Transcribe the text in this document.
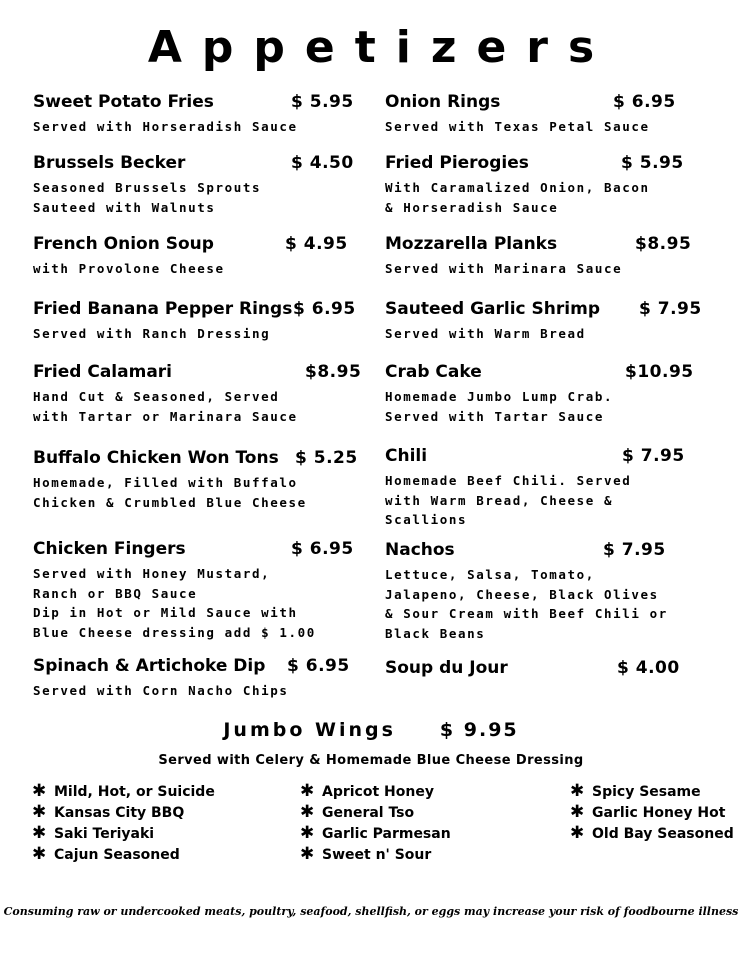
Appetizers
Sweet Potato Fries	$ 5.95
Served with Horseradish Sauce
Brussels Becker	$ 4.50
Seasoned Brussels Sprouts
Sauteed with Walnuts
French Onion Soup	$ 4.95
with Provolone Cheese
Fried Banana Pepper Rings $ 6.95
Served with Ranch Dressing
Fried Calamari	$8.95
Hand Cut & Seasoned, Served
with Tartar or Marinara Sauce
Buffalo Chicken Won Tons $ 5.25
Homemade, Filled with Buffalo
Chicken & Crumbled Blue Cheese
Chicken Fingers	$ 6.95
Served with Honey Mustard,
Ranch or BBQ Sauce
Dip in Hot or Mild Sauce with
Blue Cheese dressing add $ 1.00
Spinach & Artichoke Dip $ 6.95
Served with Corn Nacho Chips
Onion Rings	$ 6.95
Served with Texas Petal Sauce
Fried Pierogies	$ 5.95
With Caramalized Onion, Bacon
& Horseradish Sauce
Mozzarella Planks	$8.95
Served with Marinara Sauce
Sauteed Garlic Shrimp $ 7.95
Served with Warm Bread
Crab Cake	$10.95
Homemade Jumbo Lump Crab.
Served with Tartar Sauce
Chili	$ 7.95
Homemade Beef Chili. Served
with Warm Bread, Cheese &
Scallions
Nachos	$ 7.95
Lettuce, Salsa, Tomato,
Jalapeno, Cheese, Black Olives
& Sour Cream with Beef Chili or
Black Beans
Soup du Jour	$ 4.00
Jumbo Wings $ 9.95
Served with Celery & Homemade Blue Cheese Dressing
✱ Mild, Hot, or Suicide
✱ Kansas City BBQ
✱ Saki Teriyaki
✱ Cajun Seasoned
✱ Apricot Honey
✱ General Tso
✱ Garlic Parmesan
✱ Sweet n' Sour
✱ Spicy Sesame
✱ Garlic Honey Hot
✱ Old Bay Seasoned
Consuming raw or undercooked meats, poultry, seafood, shellfish, or eggs may increase your risk of foodbourne illness
